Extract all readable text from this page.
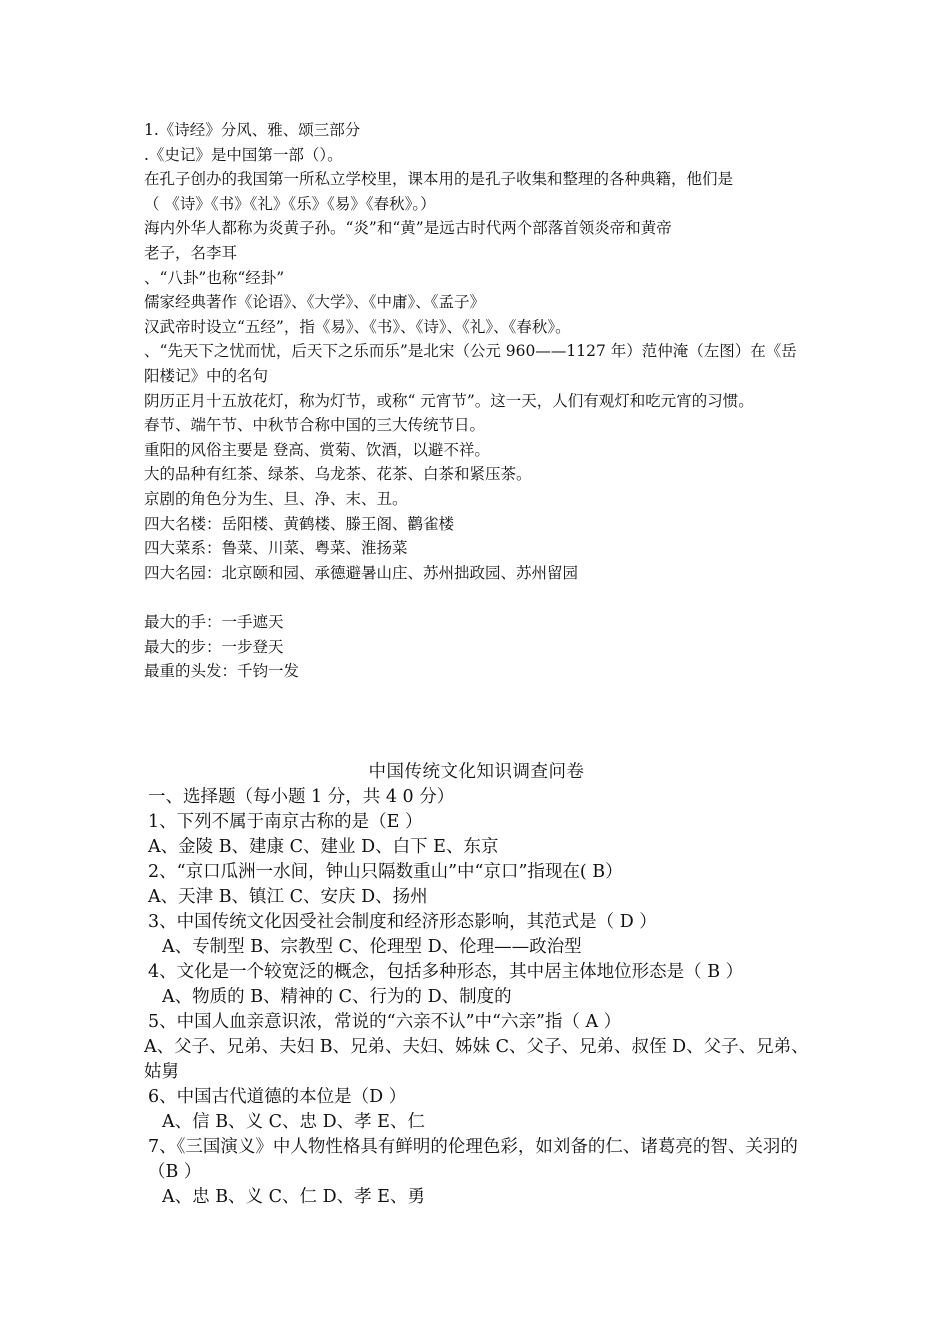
1.《诗经》分风、雅、颂三部分
.《史记》是中国第一部（）。
在孔子创办的我国第一所私立学校里，课本用的是孔子收集和整理的各种典籍，他们是
（ 《诗》《书》《礼》《乐》《易》《春秋》。）
海内外华人都称为炎黄子孙。“炎”和“黄”是远古时代两个部落首领炎帝和黄帝
老子，名李耳
、“八卦”也称“经卦”
儒家经典著作《论语》、《大学》、《中庸》、《孟子》
汉武帝时设立“五经”，指《易》、《书》、《诗》、《礼》、《春秋》。
、“先天下之忧而忧，后天下之乐而乐”是北宋（公元 960——1127 年）范仲淹（左图）在《岳阳楼记》中的名句
阴历正月十五放花灯，称为灯节，或称“ 元宵节”。这一天，人们有观灯和吃元宵的习惯。
春节、端午节、中秋节合称中国的三大传统节日。
重阳的风俗主要是 登高、赏菊、饮酒，以避不祥。
大的品种有红茶、绿茶、乌龙茶、花茶、白茶和紧压茶。
京剧的角色分为生、旦、净、末、丑。
四大名楼：岳阳楼、黄鹤楼、滕王阁、鹳雀楼
四大菜系：鲁菜、川菜、粤菜、淮扬菜
四大名园：北京颐和园、承德避暑山庄、苏州拙政园、苏州留园
最大的手：一手遮天
最大的步：一步登天
最重的头发：千钧一发
中国传统文化知识调查问卷
一、选择题（每小题 1 分，共 4 0 分）
1、下列不属于南京古称的是（E ）
A、金陵 B、建康 C、建业 D、白下 E、东京
2、“京口瓜洲一水间，钟山只隔数重山”中“京口”指现在( B）
A、天津 B、镇江 C、安庆 D、扬州
3、中国传统文化因受社会制度和经济形态影响，其范式是（ D ）
A、专制型 B、宗教型 C、伦理型 D、伦理——政治型
4、文化是一个较宽泛的概念，包括多种形态，其中居主体地位形态是（ B ）
A、物质的 B、精神的 C、行为的 D、制度的
5、中国人血亲意识浓，常说的“六亲不认”中“六亲”指（ A ）
A、父子、兄弟、夫妇 B、兄弟、夫妇、姊妹 C、父子、兄弟、叔侄 D、父子、兄弟、姑舅
6、中国古代道德的本位是（D ）
A、信 B、义 C、忠 D、孝 E、仁
7、《三国演义》中人物性格具有鲜明的伦理色彩，如刘备的仁、诸葛亮的智、关羽的（B ）
A、忠 B、义 C、仁 D、孝 E、勇
